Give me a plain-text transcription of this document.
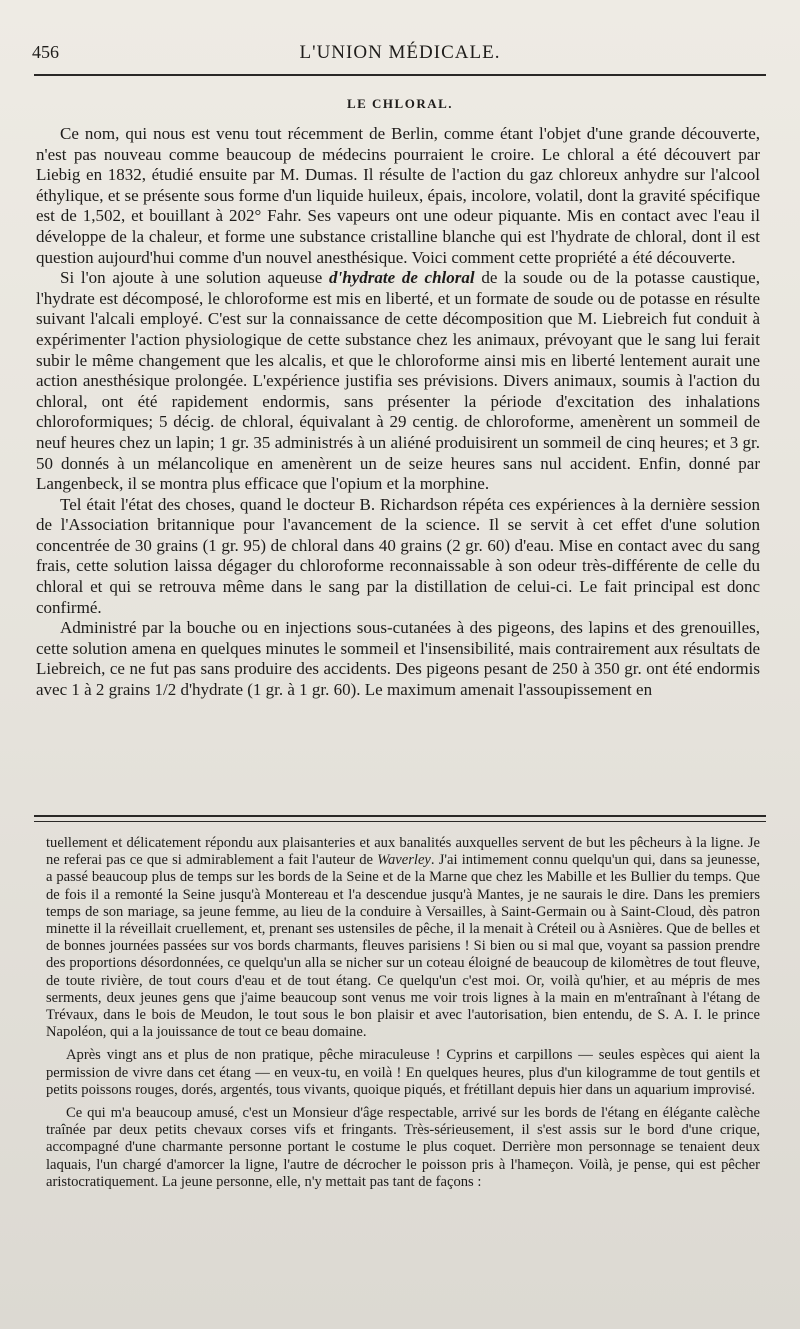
456	L'UNION MÉDICALE.
LE CHLORAL.

Ce nom, qui nous est venu tout récemment de Berlin, comme étant l'objet d'une grande découverte, n'est pas nouveau comme beaucoup de médecins pourraient le croire. Le chloral a été découvert par Liebig en 1832, étudié ensuite par M. Dumas. Il résulte de l'action du gaz chloreux anhydre sur l'alcool éthylique, et se présente sous forme d'un liquide huileux, épais, incolore, volatil, dont la gravité spécifique est de 1,502, et bouillant à 202° Fahr. Ses vapeurs ont une odeur piquante. Mis en contact avec l'eau il développe de la chaleur, et forme une substance cristalline blanche qui est l'hydrate de chloral, dont il est question aujourd'hui comme d'un nouvel anesthésique. Voici comment cette propriété a été découverte.

Si l'on ajoute à une solution aqueuse d'hydrate de chloral de la soude ou de la potasse caustique, l'hydrate est décomposé, le chloroforme est mis en liberté, et un formate de soude ou de potasse en résulte suivant l'alcali employé. C'est sur la connaissance de cette décomposition que M. Liebreich fut conduit à expérimenter l'action physiologique de cette substance chez les animaux, prévoyant que le sang lui ferait subir le même changement que les alcalis, et que le chloroforme ainsi mis en liberté lentement aurait une action anesthésique prolongée. L'expérience justifia ses prévisions. Divers animaux, soumis à l'action du chloral, ont été rapidement endormis, sans présenter la période d'excitation des inhalations chloroformiques; 5 décig. de chloral, équivalant à 29 centig. de chloroforme, amenèrent un sommeil de neuf heures chez un lapin; 1 gr. 35 administrés à un aliéné produisirent un sommeil de cinq heures; et 3 gr. 50 donnés à un mélancolique en amenèrent un de seize heures sans nul accident. Enfin, donné par Langenbeck, il se montra plus efficace que l'opium et la morphine.

Tel était l'état des choses, quand le docteur B. Richardson répéta ces expériences à la dernière session de l'Association britannique pour l'avancement de la science. Il se servit à cet effet d'une solution concentrée de 30 grains (1 gr. 95) de chloral dans 40 grains (2 gr. 60) d'eau. Mise en contact avec du sang frais, cette solution laissa dégager du chloroforme reconnaissable à son odeur très-différente de celle du chloral et qui se retrouva même dans le sang par la distillation de celui-ci. Le fait principal est donc confirmé.

Administré par la bouche ou en injections sous-cutanées à des pigeons, des lapins et des grenouilles, cette solution amena en quelques minutes le sommeil et l'insensibilité, mais contrairement aux résultats de Liebreich, ce ne fut pas sans produire des accidents. Des pigeons pesant de 250 à 350 gr. ont été endormis avec 1 à 2 grains 1/2 d'hydrate (1 gr. à 1 gr. 60). Le maximum amenait l'assoupissement en

tuellement et délicatement répondu aux plaisanteries et aux banalités auxquelles servent de but les pêcheurs à la ligne. Je ne referai pas ce que si admirablement a fait l'auteur de Waverley. J'ai intimement connu quelqu'un qui, dans sa jeunesse, a passé beaucoup plus de temps sur les bords de la Seine et de la Marne que chez les Mabille et les Bullier du temps. Que de fois il a remonté la Seine jusqu'à Montereau et l'a descendue jusqu'à Mantes, je ne saurais le dire. Dans les premiers temps de son mariage, sa jeune femme, au lieu de la conduire à Versailles, à Saint-Germain ou à Saint-Cloud, dès patron minette il la réveillait cruellement, et, prenant ses ustensiles de pêche, il la menait à Créteil ou à Asnières. Que de belles et de bonnes journées passées sur vos bords charmants, fleuves parisiens ! Si bien ou si mal que, voyant sa passion prendre des proportions désordonnées, ce quelqu'un alla se nicher sur un coteau éloigné de beaucoup de kilomètres de tout fleuve, de toute rivière, de tout cours d'eau et de tout étang. Ce quelqu'un c'est moi. Or, voilà qu'hier, et au mépris de mes serments, deux jeunes gens que j'aime beaucoup sont venus me voir trois lignes à la main en m'entraînant à l'étang de Trévaux, dans le bois de Meudon, le tout sous le bon plaisir et avec l'autorisation, bien entendu, de S. A. I. le prince Napoléon, qui a la jouissance de tout ce beau domaine.

Après vingt ans et plus de non pratique, pêche miraculeuse ! Cyprins et carpillons — seules espèces qui aient la permission de vivre dans cet étang — en veux-tu, en voilà ! En quelques heures, plus d'un kilogramme de tout gentils et petits poissons rouges, dorés, argentés, tous vivants, quoique piqués, et frétillant depuis hier dans un aquarium improvisé.

Ce qui m'a beaucoup amusé, c'est un Monsieur d'âge respectable, arrivé sur les bords de l'étang en élégante calèche traînée par deux petits chevaux corses vifs et fringants. Très-sérieusement, il s'est assis sur le bord d'une crique, accompagné d'une charmante personne portant le costume le plus coquet. Derrière mon personnage se tenaient deux laquais, l'un chargé d'amorcer la ligne, l'autre de décrocher le poisson pris à l'hameçon. Voilà, je pense, qui est pêcher aristocratiquement. La jeune personne, elle, n'y mettait pas tant de façons :
